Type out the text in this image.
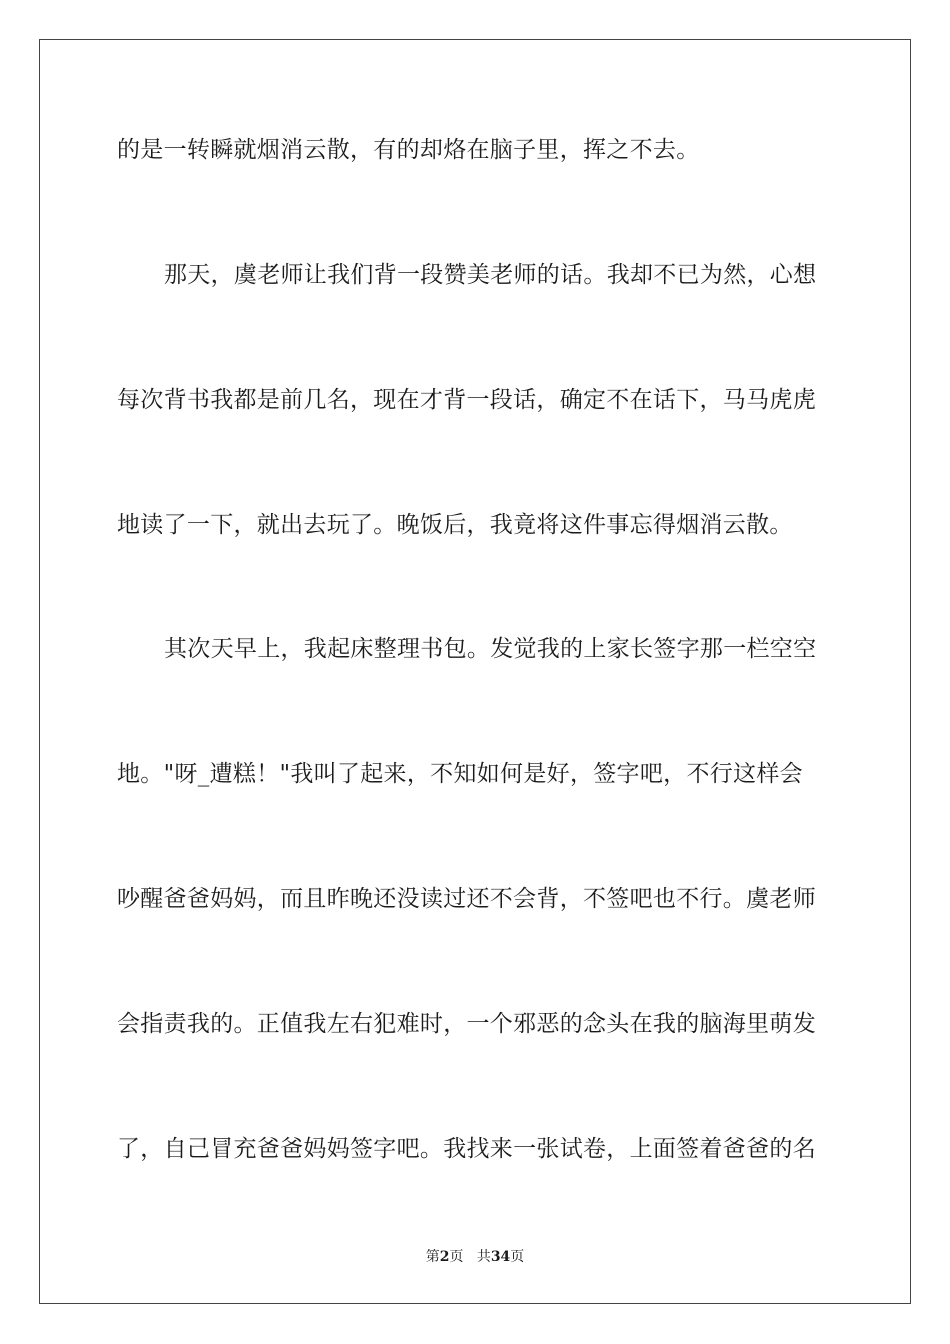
的是一转瞬就烟消云散，有的却烙在脑子里，挥之不去。
那天，虞老师让我们背一段赞美老师的话。我却不已为然，心想
每次背书我都是前几名，现在才背一段话，确定不在话下，马马虎虎
地读了一下，就出去玩了。晚饭后，我竟将这件事忘得烟消云散。
其次天早上，我起床整理书包。发觉我的上家长签字那一栏空空
地。"呀_遭糕！"我叫了起来，不知如何是好，签字吧，不行这样会
吵醒爸爸妈妈，而且昨晚还没读过还不会背，不签吧也不行。虞老师
会指责我的。正值我左右犯难时，一个邪恶的念头在我的脑海里萌发
了，自己冒充爸爸妈妈签字吧。我找来一张试卷，上面签着爸爸的名
第2页 共34页
